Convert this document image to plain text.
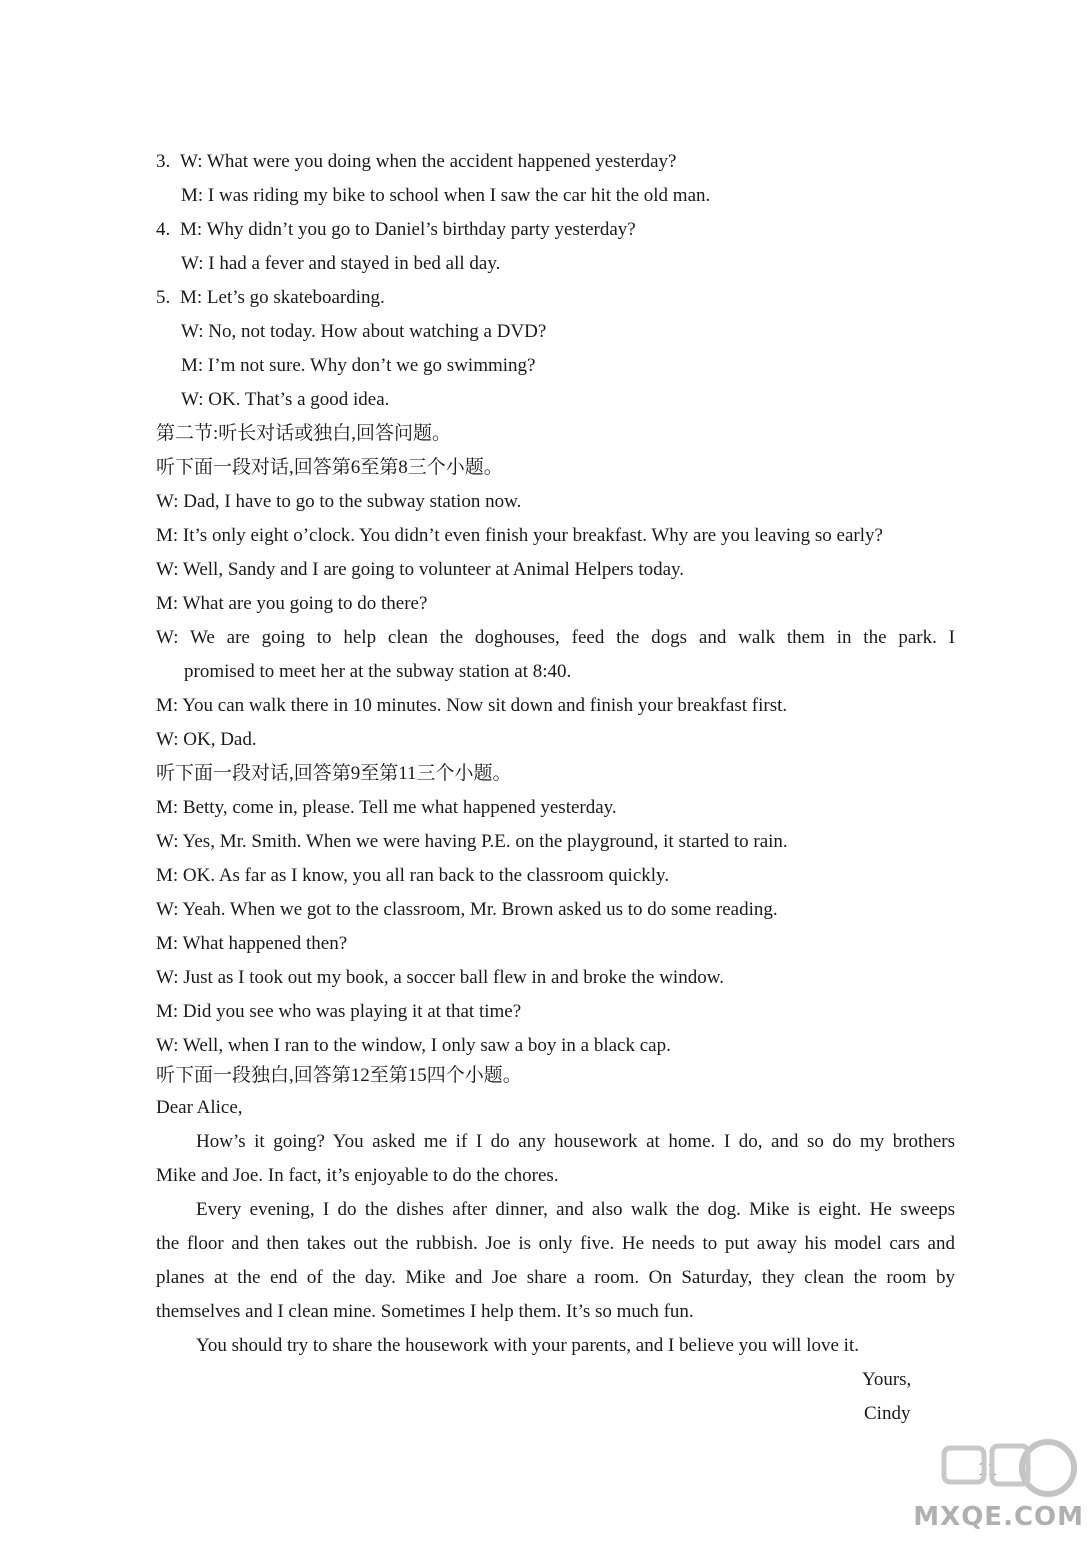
3. W: What were you doing when the accident happened yesterday?
M: I was riding my bike to school when I saw the car hit the old man.
4. M: Why didn’t you go to Daniel’s birthday party yesterday?
W: I had a fever and stayed in bed all day.
5. M: Let’s go skateboarding.
W: No, not today. How about watching a DVD?
M: I’m not sure. Why don’t we go swimming?
W: OK. That’s a good idea.
第二节:听长对话或独白,回答问题。
听下面一段对话,回答第6至第8三个小题。
W: Dad, I have to go to the subway station now.
M: It’s only eight o’clock. You didn’t even finish your breakfast. Why are you leaving so early?
W: Well, Sandy and I are going to volunteer at Animal Helpers today.
M: What are you going to do there?
W: We are going to help clean the doghouses, feed the dogs and walk them in the park. I
promised to meet her at the subway station at 8:40.
M: You can walk there in 10 minutes. Now sit down and finish your breakfast first.
W: OK, Dad.
听下面一段对话,回答第9至第11三个小题。
M: Betty, come in, please. Tell me what happened yesterday.
W: Yes, Mr. Smith. When we were having P.E. on the playground, it started to rain.
M: OK. As far as I know, you all ran back to the classroom quickly.
W: Yeah. When we got to the classroom, Mr. Brown asked us to do some reading.
M: What happened then?
W: Just as I took out my book, a soccer ball flew in and broke the window.
M: Did you see who was playing it at that time?
W: Well, when I ran to the window, I only saw a boy in a black cap.
听下面一段独白,回答第12至第15四个小题。
Dear Alice,
How’s it going? You asked me if I do any housework at home. I do, and so do my brothers
Mike and Joe. In fact, it’s enjoyable to do the chores.
Every evening, I do the dishes after dinner, and also walk the dog. Mike is eight. He sweeps
the floor and then takes out the rubbish. Joe is only five. He needs to put away his model cars and
planes at the end of the day. Mike and Joe share a room. On Saturday, they clean the room by
themselves and I clean mine. Sometimes I help them. It’s so much fun.
You should try to share the housework with your parents, and I believe you will love it.
Yours,
Cindy
11
MXQE.COM
